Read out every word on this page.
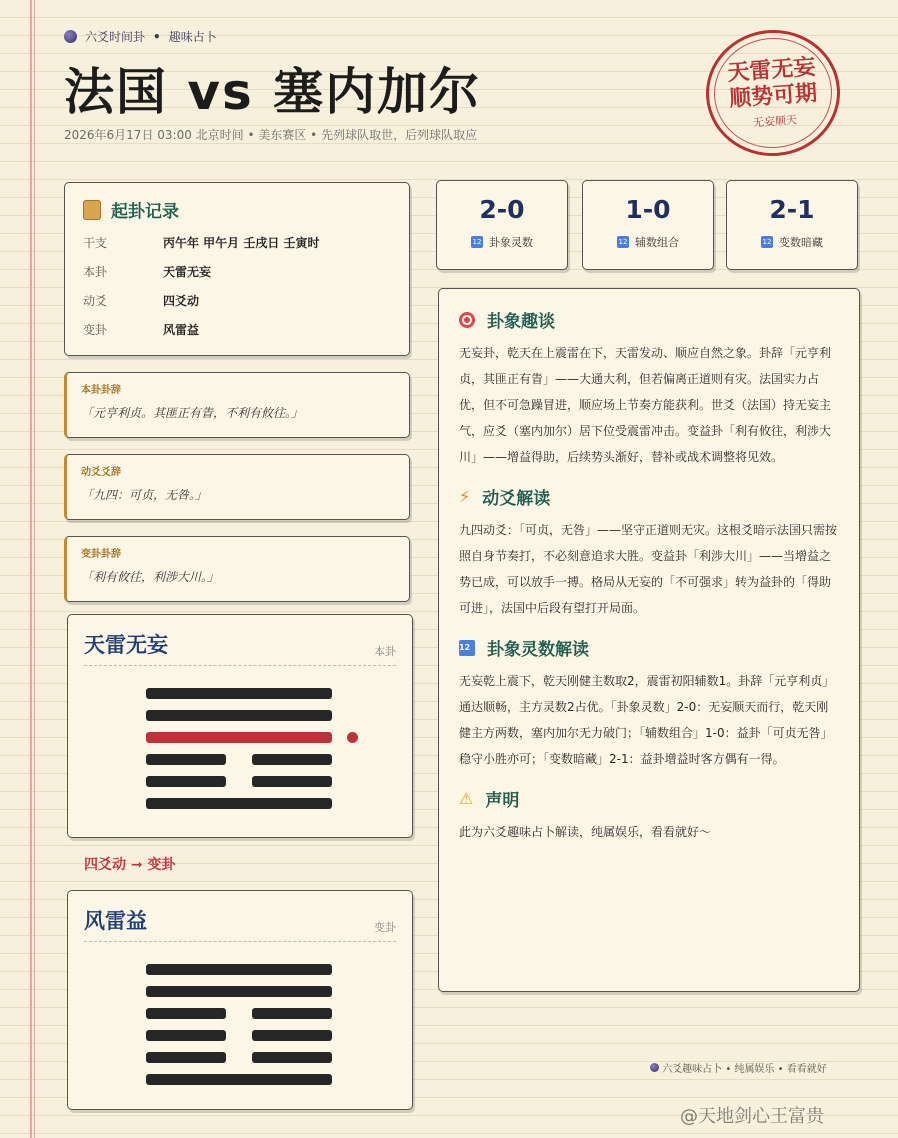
六爻时间卦 • 趣味占卜
法国 vs 塞内加尔
2026年6月17日 03:00 北京时间 • 美东赛区 • 先列球队取世，后列球队取应
天雷无妄
顺势可期
无妄顺天
起卦记录
干支	丙午年 甲午月 壬戌日 壬寅时
本卦	天雷无妄
动爻	四爻动
变卦	风雷益
本卦卦辞
「元亨利贞。其匪正有眚，不利有攸往。」
动爻爻辞
「九四：可贞，无咎。」
变卦卦辞
「利有攸往，利涉大川。」
天雷无妄	本卦
四爻动 ➞ 变卦
风雷益	变卦
2-0
12 卦象灵数
1-0
12 辅数组合
2-1
12 变数暗藏
卦象趣谈
无妄卦，乾天在上震雷在下，天雷发动、顺应自然之象。卦辞「元亨利贞，其匪正有眚」——大通大利，但若偏离正道则有灾。法国实力占优，但不可急躁冒进，顺应场上节奏方能获利。世爻（法国）持无妄主气，应爻（塞内加尔）居下位受震雷冲击。变益卦「利有攸往，利涉大川」——增益得助，后续势头渐好，替补或战术调整将见效。
⚡ 动爻解读
九四动爻：「可贞，无咎」——坚守正道则无灾。这根爻暗示法国只需按照自身节奏打，不必刻意追求大胜。变益卦「利涉大川」——当增益之势已成，可以放手一搏。格局从无妄的「不可强求」转为益卦的「得助可进」，法国中后段有望打开局面。
12 卦象灵数解读
无妄乾上震下，乾天刚健主数取2，震雷初阳辅数1。卦辞「元亨利贞」通达顺畅，主方灵数2占优。「卦象灵数」2-0：无妄顺天而行，乾天刚健主方两数，塞内加尔无力破门；「辅数组合」1-0：益卦「可贞无咎」稳守小胜亦可；「变数暗藏」2-1：益卦增益时客方偶有一得。
⚠ 声明
此为六爻趣味占卜解读，纯属娱乐，看看就好～
六爻趣味占卜 • 纯属娱乐 • 看看就好
@天地剑心王富贵
